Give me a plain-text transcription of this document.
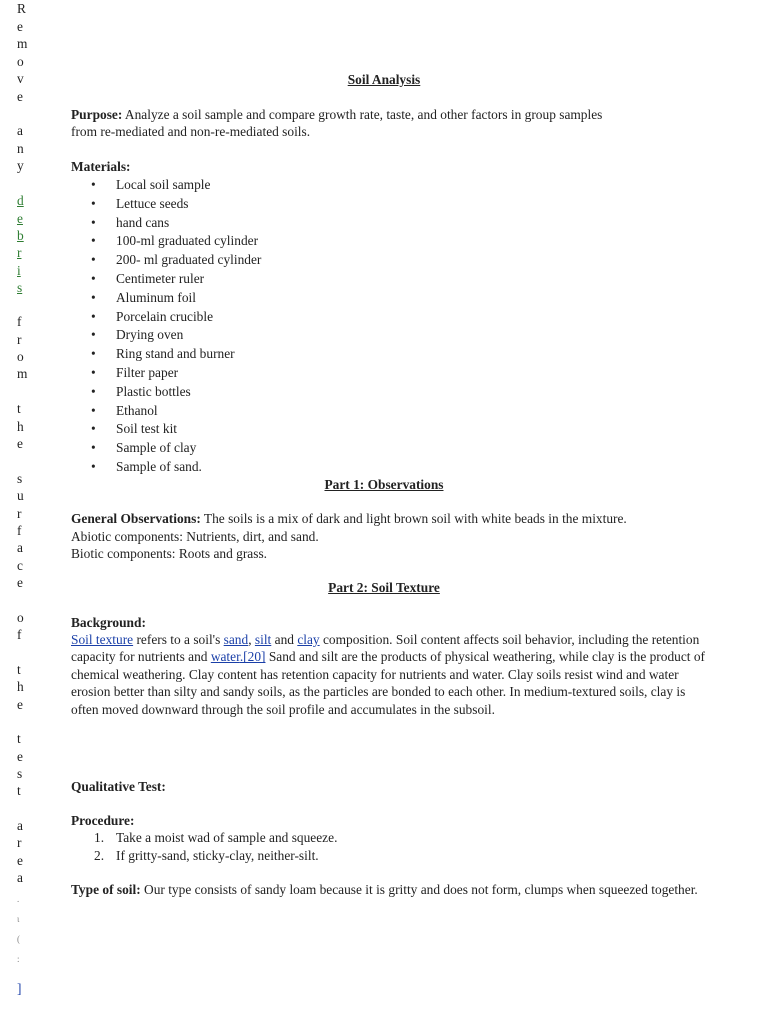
R
e
m
o
v
e
a
n
y
d
e
b
r
i
s
f
r
o
m
t
h
e
s
u
r
f
a
c
e
o
f
t
h
e
t
e
s
t
a
r
e
a
.
ι
(
:
]
Soil Analysis
Purpose: Analyze a soil sample and compare growth rate, taste, and other factors in group samples
from re-mediated and non-re-mediated soils.
Materials:
• Local soil sample
• Lettuce seeds
• hand cans
• 100-ml graduated cylinder
• 200- ml graduated cylinder
• Centimeter ruler
• Aluminum foil
• Porcelain crucible
• Drying oven
• Ring stand and burner
• Filter paper
• Plastic bottles
• Ethanol
• Soil test kit
• Sample of clay
• Sample of sand.
Part 1: Observations
General Observations: The soils is a mix of dark and light brown soil with white beads in the mixture.
Abiotic components: Nutrients, dirt, and sand.
Biotic components: Roots and grass.
Part 2: Soil Texture
Background:
Soil texture refers to a soil's sand, silt and clay composition. Soil content affects soil behavior, including the retention capacity for nutrients and water.[20] Sand and silt are the products of physical weathering, while clay is the product of chemical weathering. Clay content has retention capacity for nutrients and water. Clay soils resist wind and water erosion better than silty and sandy soils, as the particles are bonded to each other. In medium-textured soils, clay is often moved downward through the soil profile and accumulates in the subsoil.
Qualitative Test:
Procedure:
1. Take a moist wad of sample and squeeze.
2. If gritty-sand, sticky-clay, neither-silt.
Type of soil: Our type consists of sandy loam because it is gritty and does not form, clumps when squeezed together.
